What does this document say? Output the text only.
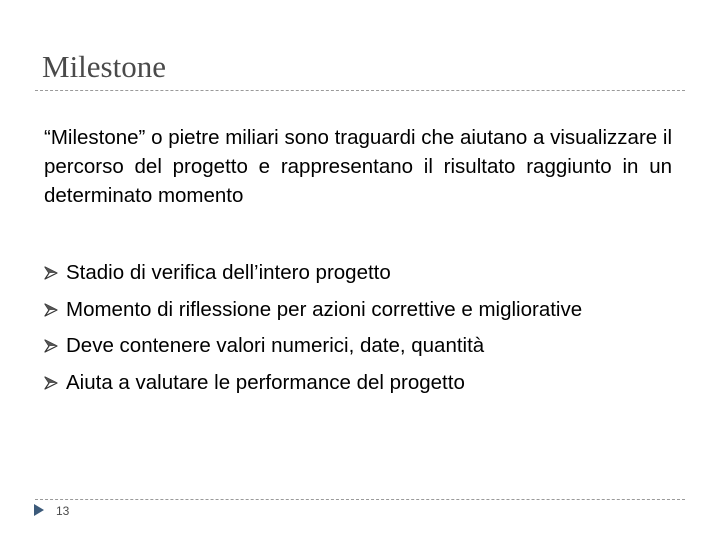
Milestone
“Milestone” o pietre miliari sono traguardi che aiutano a visualizzare il percorso del progetto e rappresentano il risultato raggiunto in un determinato momento
Stadio di verifica dell’intero progetto
Momento di riflessione per azioni correttive e migliorative
Deve contenere valori numerici, date, quantità
Aiuta a valutare le performance del progetto
13
